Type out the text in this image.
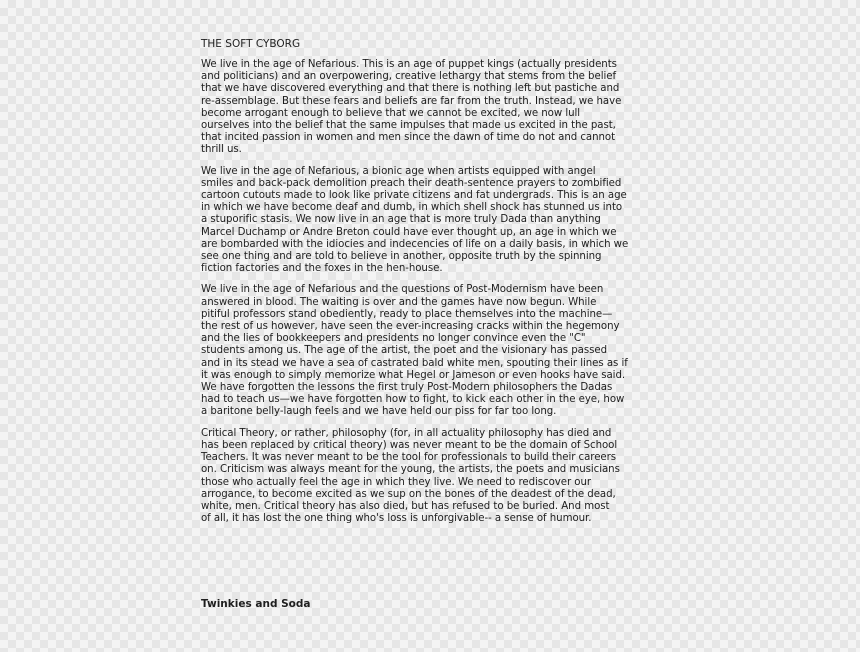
THE SOFT CYBORG

We live in the age of Nefarious. This is an age of puppet kings (actually presidents
and politicians) and an overpowering, creative lethargy that stems from the belief
that we have discovered everything and that there is nothing left but pastiche and
re-assemblage. But these fears and beliefs are far from the truth. Instead, we have
become arrogant enough to believe that we cannot be excited, we now lull
ourselves into the belief that the same impulses that made us excited in the past,
that incited passion in women and men since the dawn of time do not and cannot
thrill us.

We live in the age of Nefarious, a bionic age when artists equipped with angel
smiles and back-pack demolition preach their death-sentence prayers to zombified
cartoon cutouts made to look like private citizens and fat undergrads. This is an age
in which we have become deaf and dumb, in which shell shock has stunned us into
a stuporific stasis. We now live in an age that is more truly Dada than anything
Marcel Duchamp or Andre Breton could have ever thought up, an age in which we
are bombarded with the idiocies and indecencies of life on a daily basis, in which we
see one thing and are told to believe in another, opposite truth by the spinning
fiction factories and the foxes in the hen-house.

We live in the age of Nefarious and the questions of Post-Modernism have been
answered in blood. The waiting is over and the games have now begun. While
pitiful professors stand obediently, ready to place themselves into the machine—
the rest of us however, have seen the ever-increasing cracks within the hegemony
and the lies of bookkeepers and presidents no longer convince even the "C"
students among us. The age of the artist, the poet and the visionary has passed
and in its stead we have a sea of castrated bald white men, spouting their lines as if
it was enough to simply memorize what Hegel or Jameson or even hooks have said.
We have forgotten the lessons the first truly Post-Modern philosophers the Dadas
had to teach us—we have forgotten how to fight, to kick each other in the eye, how
a baritone belly-laugh feels and we have held our piss for far too long.

Critical Theory, or rather, philosophy (for, in all actuality philosophy has died and
has been replaced by critical theory) was never meant to be the domain of School
Teachers. It was never meant to be the tool for professionals to build their careers
on. Criticism was always meant for the young, the artists, the poets and musicians
those who actually feel the age in which they live. We need to rediscover our
arrogance, to become excited as we sup on the bones of the deadest of the dead,
white, men. Critical theory has also died, but has refused to be buried. And most
of all, it has lost the one thing who's loss is unforgivable-- a sense of humour.

Twinkies and Soda
